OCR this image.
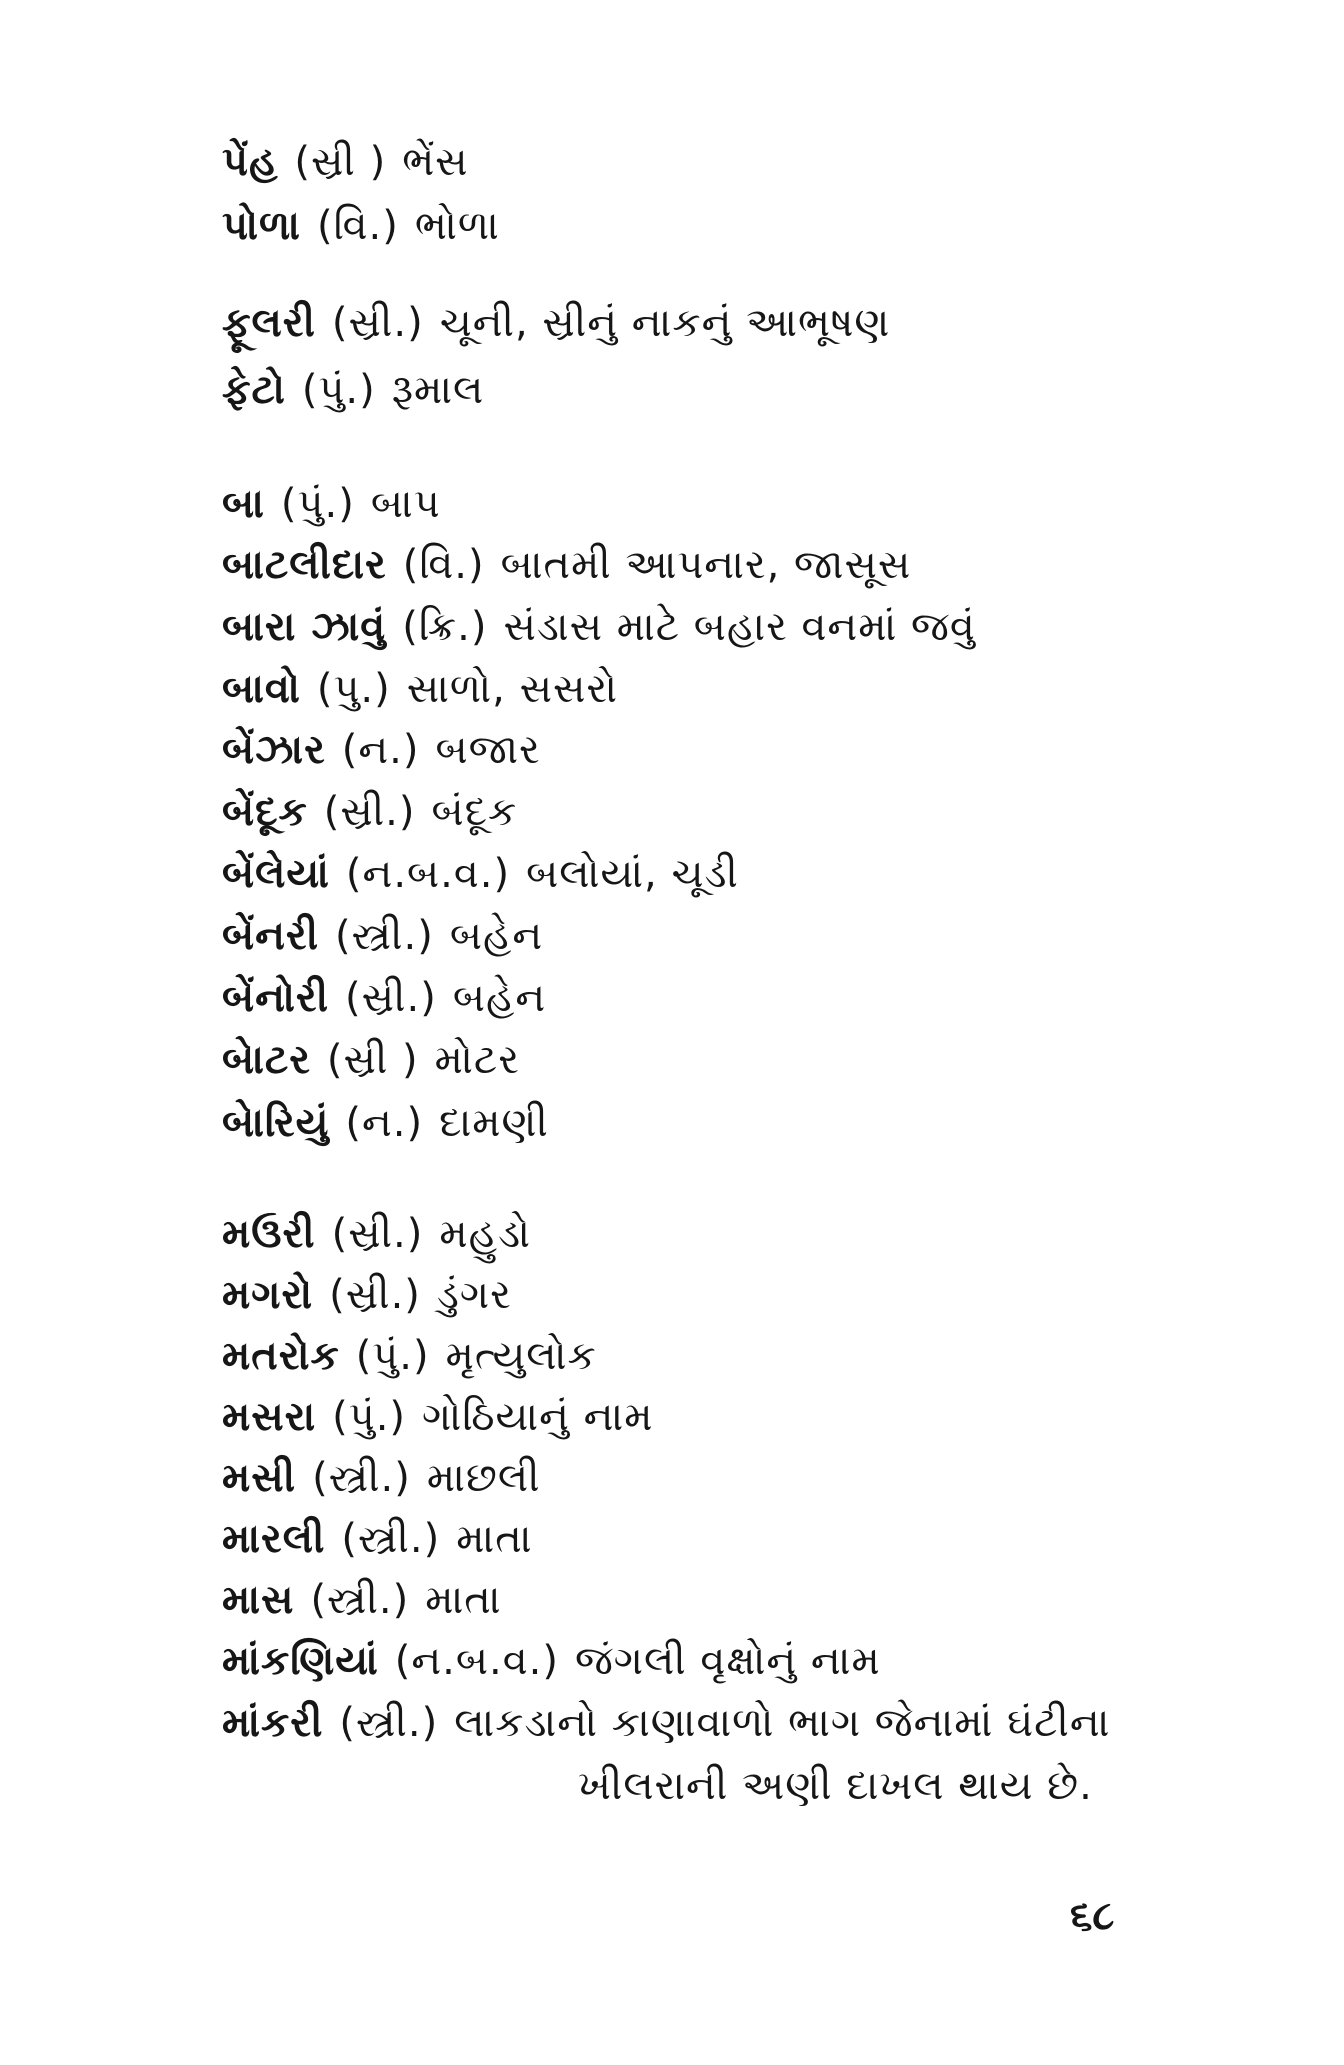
પેંહ (સ્રી ) ભેંસ
પોળા (વિ.) ભોળા
ફૂલરી (સ્રી.) ચૂની, સ્રીનું નાકનું આભૂષણ
ફેટો (પું.) રૂમાલ
બા (પું.) બાપ
બાટલીદાર (વિ.) બાતમી આપનાર, જાસૂસ
બારા ઝાવું (ક્રિ.) સંડાસ માટે બહાર વનમાં જવું
બાવો (પુ.) સાળો, સસરો
બેંઝાર (ન.) બજાર
બેંદૂક (સ્રી.) બંદૂક
બેંલેયાં (ન.બ.વ.) બલોયાં, ચૂડી
બેંનરી (સ્ત્રી.) બહેન
બેંનોરી (સ્રી.) બહેન
બેાટર (સ્રી ) મોટર
બેારિયું (ન.) દામણી
મઉરી (સ્રી.) મહુડો
મગરો (સ્રી.) ડુંગર
મતરોક (પું.) મૃત્યુલોક
મસરા (પું.) ગોઠિયાનું નામ
મસી (સ્ત્રી.) માછલી
મારલી (સ્ત્રી.) માતા
માસ (સ્ત્રી.) માતા
માંકણિયાં (ન.બ.વ.) જંગલી વૃક્ષોનું નામ
માંકરી (સ્ત્રી.) લાકડાનો કાણાવાળો ભાગ જેનામાં ઘંટીના
ખીલરાની અણી દાખલ થાય છે.
૬૮
